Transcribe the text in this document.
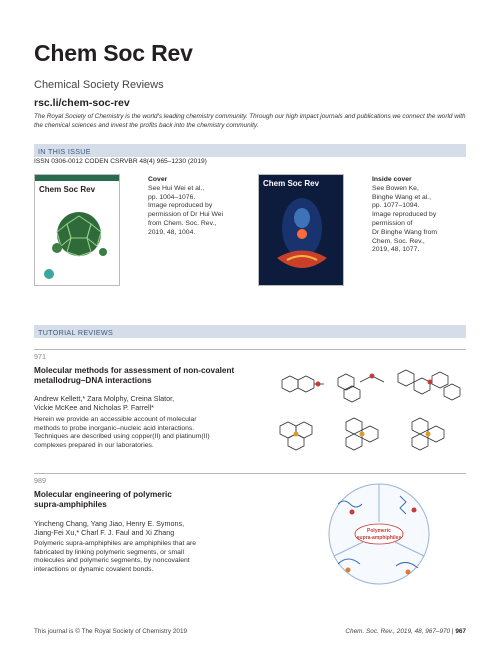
Chem Soc Rev
Chemical Society Reviews
rsc.li/chem-soc-rev
The Royal Society of Chemistry is the world's leading chemistry community. Through our high impact journals and publications we connect the world with the chemical sciences and invest the profits back into the chemistry community.
IN THIS ISSUE
ISSN 0306-0012 CODEN CSRVBR 48(4) 965–1230 (2019)
Chem Soc Rev
Cover
See Hui Wei et al.,
pp. 1004–1076.
Image reproduced by
permission of Dr Hui Wei
from Chem. Soc. Rev.,
2019, 48, 1004.
Chem Soc Rev	Inside cover
See Bowen Ke,
Binghe Wang et al.,
pp. 1077–1094.
Image reproduced by
permission of
Dr Binghe Wang from
Chem. Soc. Rev.,
2019, 48, 1077.
TUTORIAL REVIEWS
971
Molecular methods for assessment of non-covalent
metallodrug–DNA interactions
Andrew Kellett,* Zara Molphy, Creina Slator,
Vickie McKee and Nicholas P. Farrell*
Herein we provide an accessible account of molecular
methods to probe inorganic–nucleic acid interactions.
Techniques are described using copper(II) and platinum(II)
complexes prepared in our laboratories.
989
Molecular engineering of polymeric
supra-amphiphiles
Yincheng Chang, Yang Jiao, Henry E. Symons,
Jiang-Fei Xu,* Charl F. J. Faul and Xi Zhang
Polymeric supra-amphiphiles are amphiphiles that are
fabricated by linking polymeric segments, or small
molecules and polymeric segments, by noncovalent
interactions or dynamic covalent bonds.
Polymeric
supra-amphiphiles
This journal is © The Royal Society of Chemistry 2019	Chem. Soc. Rev., 2019, 48, 967–970 | 967
